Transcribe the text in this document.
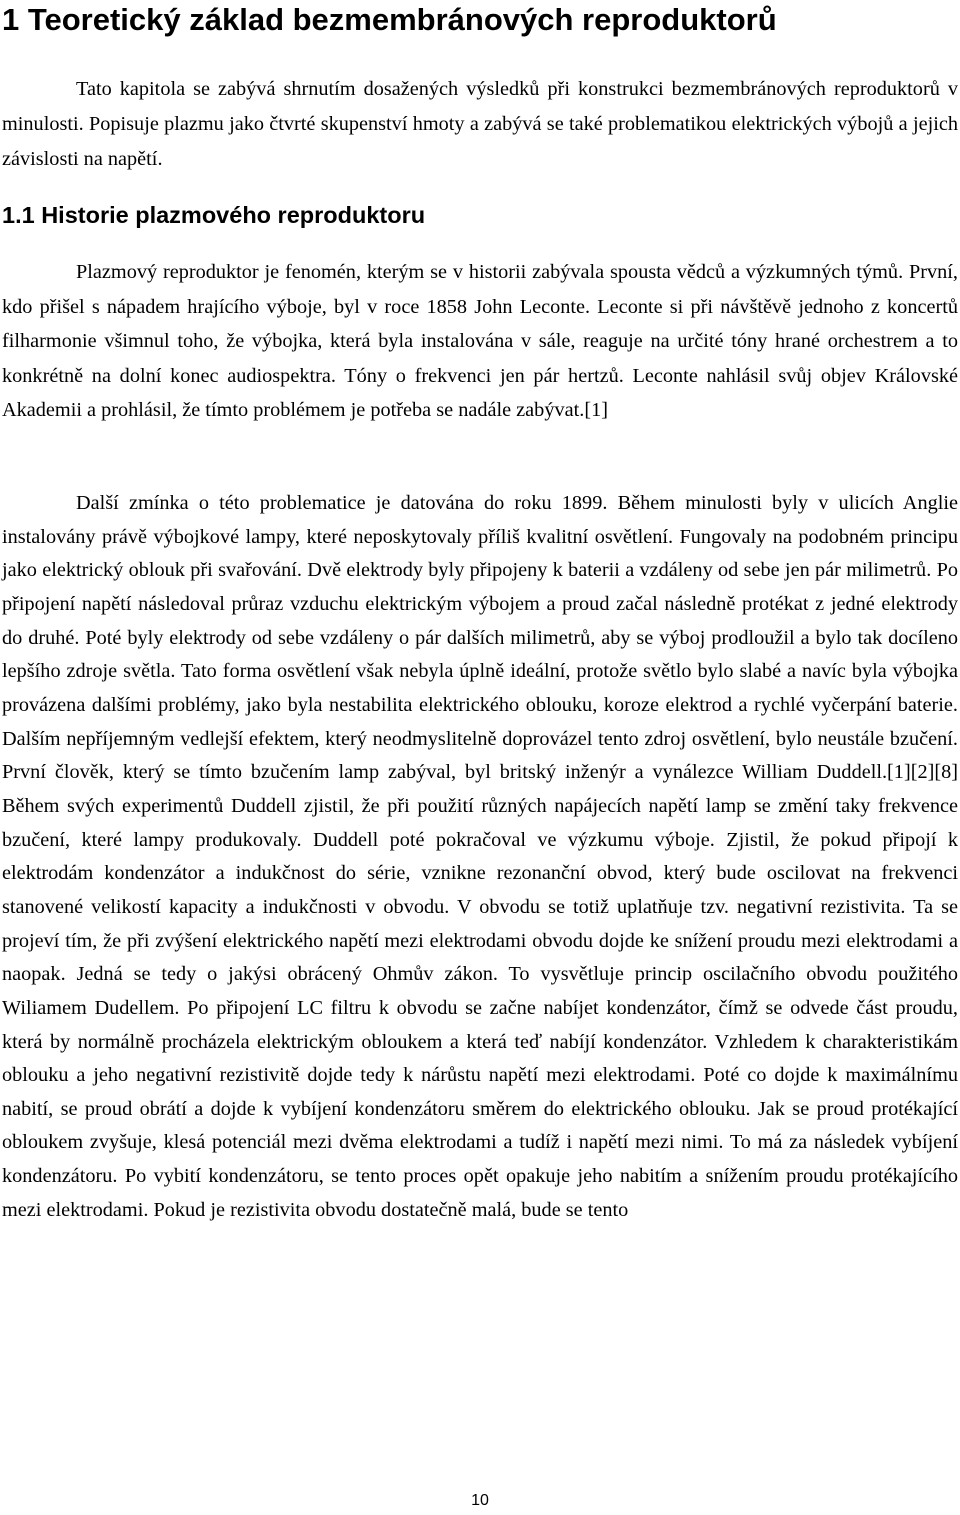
1 Teoretický základ bezmembránových reproduktorů

Tato kapitola se zabývá shrnutím dosažených výsledků při konstrukci bezmembránových reproduktorů v minulosti. Popisuje plazmu jako čtvrté skupenství hmoty a zabývá se také problematikou elektrických výbojů a jejich závislosti na napětí.

1.1 Historie plazmového reproduktoru

Plazmový reproduktor je fenomén, kterým se v historii zabývala spousta vědců a výzkumných týmů. První, kdo přišel s nápadem hrajícího výboje, byl v roce 1858 John Leconte. Leconte si při návštěvě jednoho z koncertů filharmonie všimnul toho, že výbojka, která byla instalována v sále, reaguje na určité tóny hrané orchestrem a to konkrétně na dolní konec audiospektra. Tóny o frekvenci jen pár hertzů. Leconte nahlásil svůj objev Královské Akademii a prohlásil, že tímto problémem je potřeba se nadále zabývat.[1]

Další zmínka o této problematice je datována do roku 1899. Během minulosti byly v ulicích Anglie instalovány právě výbojkové lampy, které neposkytovaly příliš kvalitní osvětlení. Fungovaly na podobném principu jako elektrický oblouk při svařování. Dvě elektrody byly připojeny k baterii a vzdáleny od sebe jen pár milimetrů. Po připojení napětí následoval průraz vzduchu elektrickým výbojem a proud začal následně protékat z jedné elektrody do druhé. Poté byly elektrody od sebe vzdáleny o pár dalších milimetrů, aby se výboj prodloužil a bylo tak docíleno lepšího zdroje světla. Tato forma osvětlení však nebyla úplně ideální, protože světlo bylo slabé a navíc byla výbojka provázena dalšími problémy, jako byla nestabilita elektrického oblouku, koroze elektrod a rychlé vyčerpání baterie. Dalším nepříjemným vedlejší efektem, který neodmyslitelně doprovázel tento zdroj osvětlení, bylo neustále bzučení. První člověk, který se tímto bzučením lamp zabýval, byl britský inženýr a vynálezce William Duddell.[1][2][8] Během svých experimentů Duddell zjistil, že při použití různých napájecích napětí lamp se změní taky frekvence bzučení, které lampy produkovaly. Duddell poté pokračoval ve výzkumu výboje. Zjistil, že pokud připojí k elektrodám kondenzátor a indukčnost do série, vznikne rezonanční obvod, který bude oscilovat na frekvenci stanovené velikostí kapacity a indukčnosti v obvodu. V obvodu se totiž uplatňuje tzv. negativní rezistivita. Ta se projeví tím, že při zvýšení elektrického napětí mezi elektrodami obvodu dojde ke snížení proudu mezi elektrodami a naopak. Jedná se tedy o jakýsi obrácený Ohmův zákon. To vysvětluje princip oscilačního obvodu použitého Wiliamem Dudellem. Po připojení LC filtru k obvodu se začne nabíjet kondenzátor, čímž se odvede část proudu, která by normálně procházela elektrickým obloukem a která teď nabíjí kondenzátor. Vzhledem k charakteristikám oblouku a jeho negativní rezistivitě dojde tedy k nárůstu napětí mezi elektrodami. Poté co dojde k maximálnímu nabití, se proud obrátí a dojde k vybíjení kondenzátoru směrem do elektrického oblouku. Jak se proud protékající obloukem zvyšuje, klesá potenciál mezi dvěma elektrodami a tudíž i napětí mezi nimi. To má za následek vybíjení kondenzátoru. Po vybití kondenzátoru, se tento proces opět opakuje jeho nabitím a snížením proudu protékajícího mezi elektrodami. Pokud je rezistivita obvodu dostatečně malá, bude se tento

10
